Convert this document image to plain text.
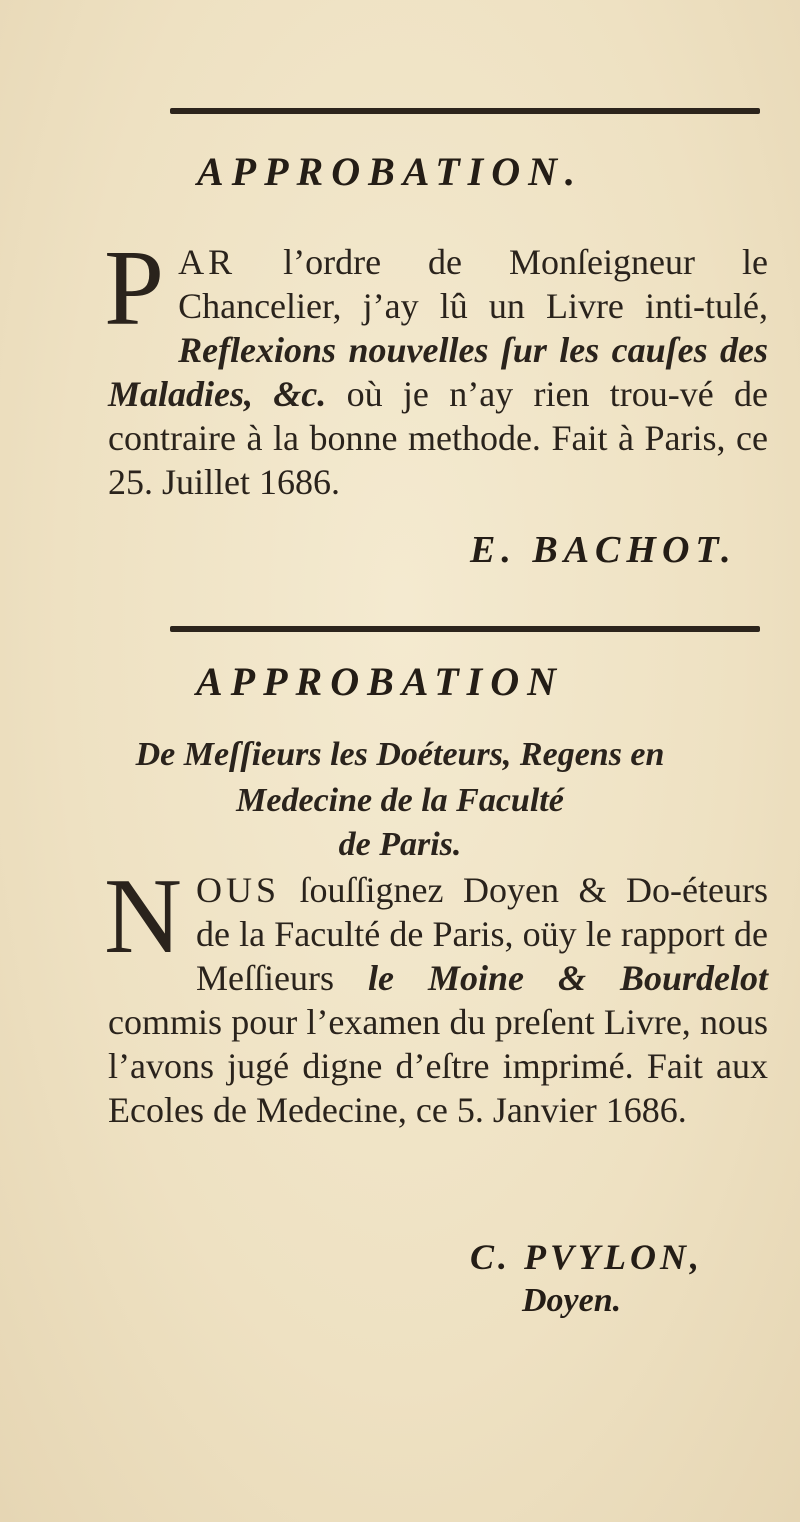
APPROBATION.
PAR l’ordre de Monſeigneur le Chancelier, j’ay lû un Livre inti-tulé, Reflexions nouvelles ſur les cauſes des Maladies, &c. où je n’ay rien trou-vé de contraire à la bonne methode. Fait à Paris, ce 25. Juillet 1686.
E. BACHOT.
APPROBATION
De Meſſieurs les Doéteurs, Regens en
Medecine de la Faculté
de Paris.
NOUS ſouſſignez Doyen & Do-éteurs de la Faculté de Paris, oüy le rapport de Meſſieurs le Moine & Bourdelot commis pour l’examen du preſent Livre, nous l’avons jugé digne d’eſtre imprimé. Fait aux Ecoles de Medecine, ce 5. Janvier 1686.
C. PVYLON,
Doyen.
